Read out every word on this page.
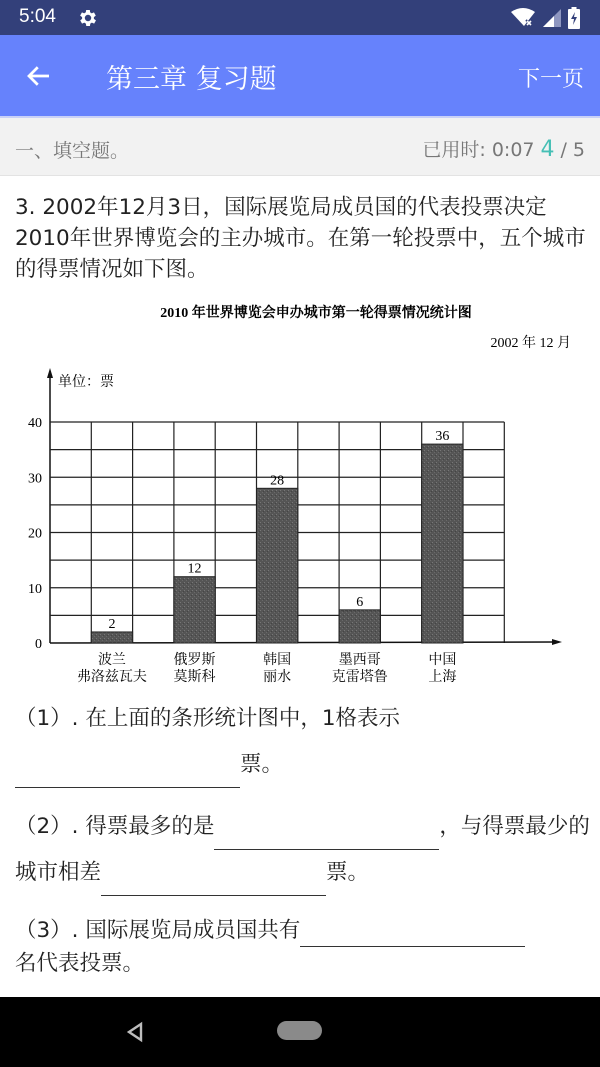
5:04
第三章 复习题	下一页
一、填空题。	已用时: 0:07 4 / 5
3. 2002年12月3日，国际展览局成员国的代表投票决定2010年世界博览会的主办城市。在第一轮投票中，五个城市的得票情况如下图。
2010 年世界博览会申办城市第一轮得票情况统计图
2002 年 12 月
单位：票
0
10
20
30
40
2
波兰
弗洛兹瓦夫
12
俄罗斯
莫斯科
28
韩国
丽水
6
墨西哥
克雷塔鲁
36
中国
上海
（1）. 在上面的条形统计图中，1格表示
票。
（2）. 得票最多的是	，与得票最少的城市相差	票。
（3）. 国际展览局成员国共有
名代表投票。
